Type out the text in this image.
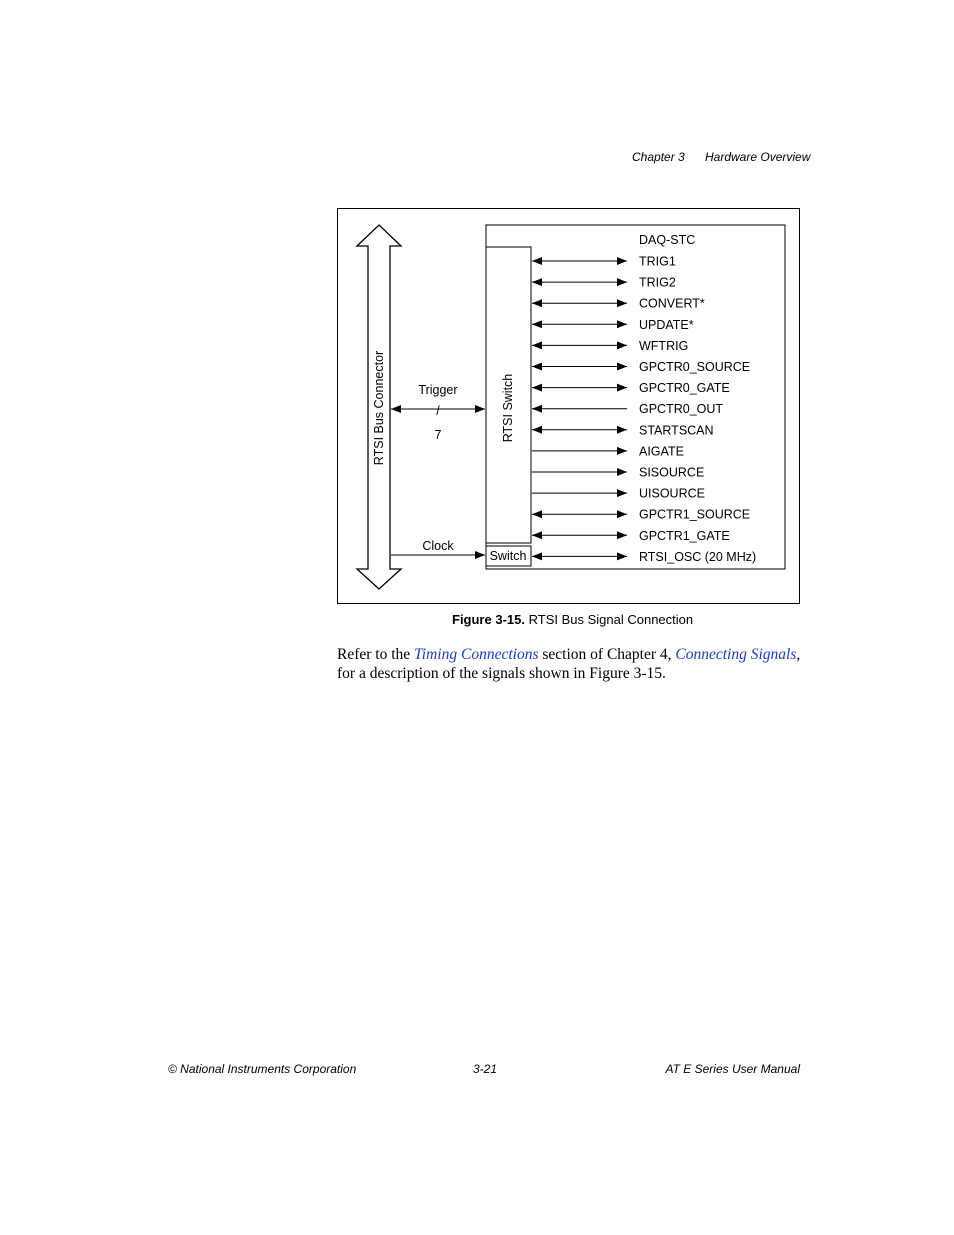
Chapter 3 Hardware Overview
RTSI Bus Connector
DAQ-STC
RTSI Switch
Switch
Trigger
/
7
Clock
TRIG1
TRIG2
CONVERT*
UPDATE*
WFTRIG
GPCTR0_SOURCE
GPCTR0_GATE
GPCTR0_OUT
STARTSCAN
AIGATE
SISOURCE
UISOURCE
GPCTR1_SOURCE
GPCTR1_GATE
RTSI_OSC (20 MHz)
Figure 3-15. RTSI Bus Signal Connection
Refer to the Timing Connections section of Chapter 4, Connecting Signals, for a description of the signals shown in Figure 3-15.
© National Instruments Corporation	3-21	AT E Series User Manual
